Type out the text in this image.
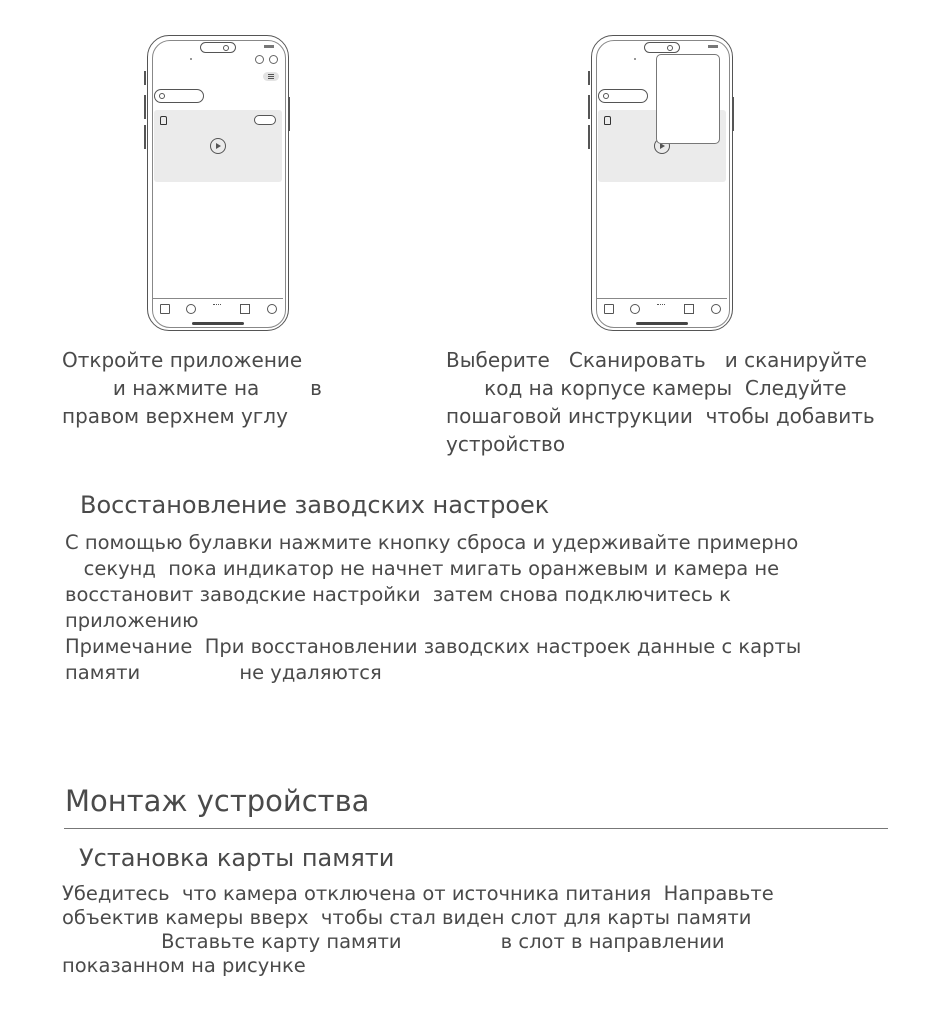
Откройте приложение
и нажмите на        в
правом верхнем углу
Выберите   Сканировать   и сканируйте
код на корпусе камеры  Следуйте
пошаговой инструкции  чтобы добавить
устройство
Восстановление заводских настроек
С помощью булавки нажмите кнопку сброса и удерживайте примерно
секунд  пока индикатор не начнет мигать оранжевым и камера не
восстановит заводские настройки  затем снова подключитесь к
приложению
Примечание  При восстановлении заводских настроек данные с карты
памяти                не удаляются
Монтаж устройства
Установка карты памяти
Убедитесь  что камера отключена от источника питания  Направьте
объектив камеры вверх  чтобы стал виден слот для карты памяти
Вставьте карту памяти                в слот в направлении
показанном на рисунке
